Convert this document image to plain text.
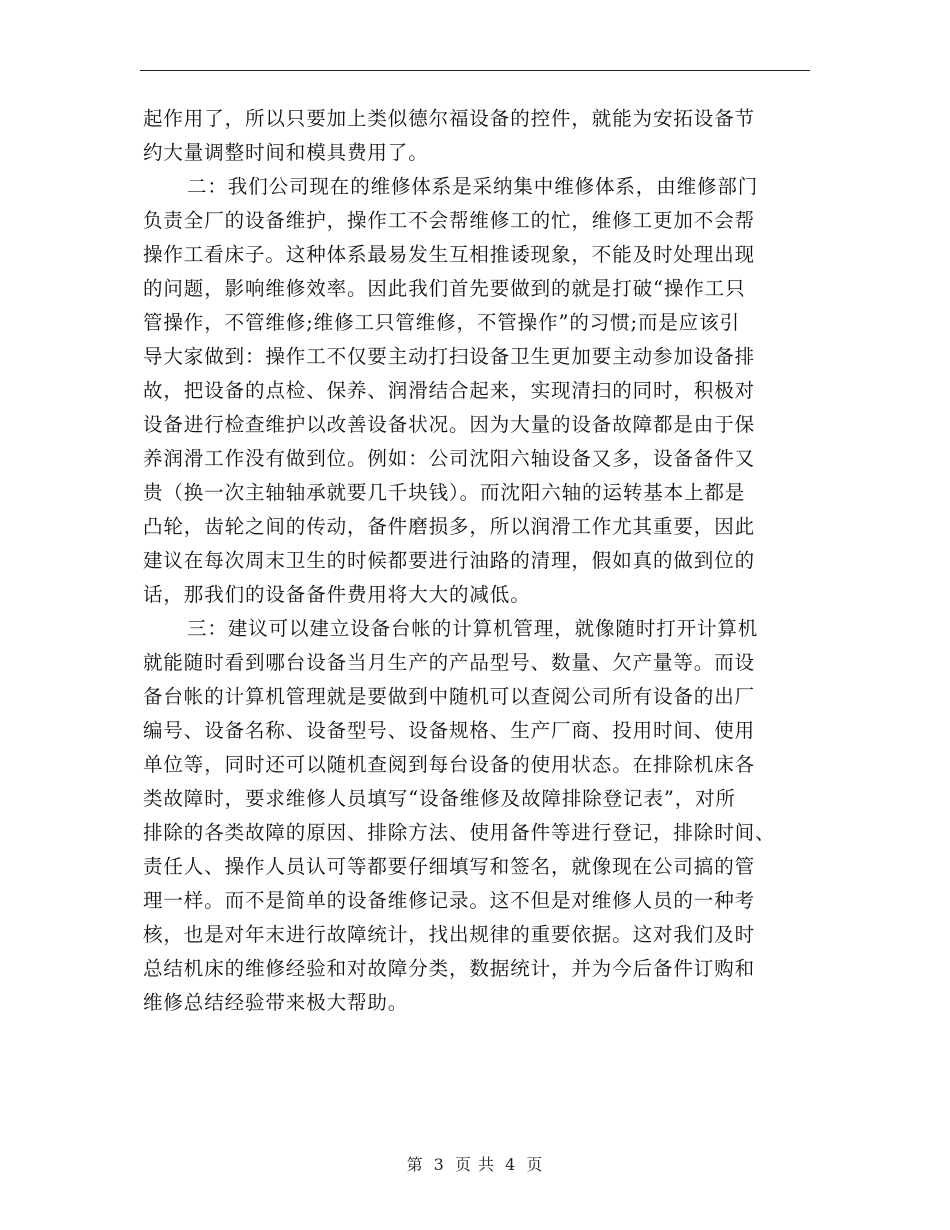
起作用了，所以只要加上类似德尔福设备的控件，就能为安拓设备节
约大量调整时间和模具费用了。
二：我们公司现在的维修体系是采纳集中维修体系，由维修部门
负责全厂的设备维护，操作工不会帮维修工的忙，维修工更加不会帮
操作工看床子。这种体系最易发生互相推诿现象，不能及时处理出现
的问题，影响维修效率。因此我们首先要做到的就是打破“操作工只
管操作，不管维修;维修工只管维修，不管操作”的习惯;而是应该引
导大家做到：操作工不仅要主动打扫设备卫生更加要主动参加设备排
故，把设备的点检、保养、润滑结合起来，实现清扫的同时，积极对
设备进行检查维护以改善设备状况。因为大量的设备故障都是由于保
养润滑工作没有做到位。例如：公司沈阳六轴设备又多，设备备件又
贵（换一次主轴轴承就要几千块钱）。而沈阳六轴的运转基本上都是
凸轮，齿轮之间的传动，备件磨损多，所以润滑工作尤其重要，因此
建议在每次周末卫生的时候都要进行油路的清理，假如真的做到位的
话，那我们的设备备件费用将大大的减低。
三：建议可以建立设备台帐的计算机管理，就像随时打开计算机
就能随时看到哪台设备当月生产的产品型号、数量、欠产量等。而设
备台帐的计算机管理就是要做到中随机可以查阅公司所有设备的出厂
编号、设备名称、设备型号、设备规格、生产厂商、投用时间、使用
单位等，同时还可以随机查阅到每台设备的使用状态。在排除机床各
类故障时，要求维修人员填写“设备维修及故障排除登记表”，对所
排除的各类故障的原因、排除方法、使用备件等进行登记，排除时间、
责任人、操作人员认可等都要仔细填写和签名，就像现在公司搞的管
理一样。而不是简单的设备维修记录。这不但是对维修人员的一种考
核，也是对年末进行故障统计，找出规律的重要依据。这对我们及时
总结机床的维修经验和对故障分类，数据统计，并为今后备件订购和
维修总结经验带来极大帮助。
第 3 页 共 4 页
